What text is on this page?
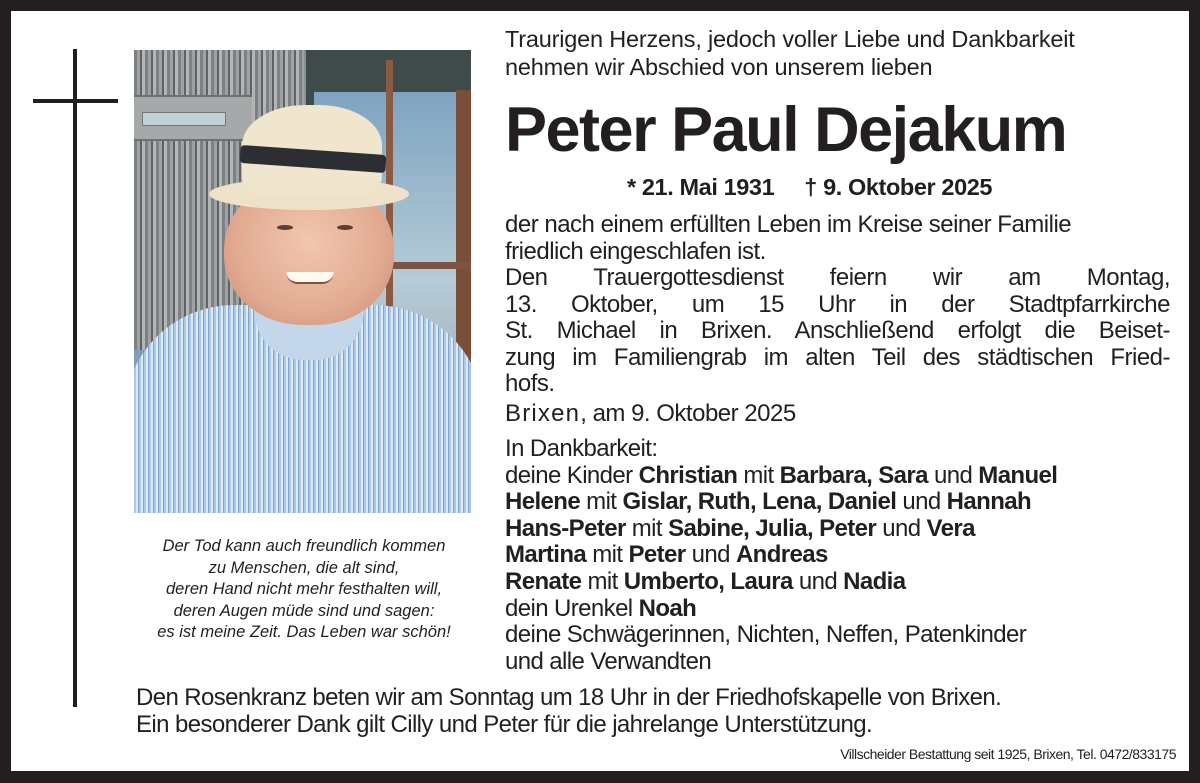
Der Tod kann auch freundlich kommen
zu Menschen, die alt sind,
deren Hand nicht mehr festhalten will,
deren Augen müde sind und sagen:
es ist meine Zeit. Das Leben war schön!
Traurigen Herzens, jedoch voller Liebe und Dankbarkeit
nehmen wir Abschied von unserem lieben
Peter Paul Dejakum
* 21. Mai 1931 † 9. Oktober 2025
der nach einem erfüllten Leben im Kreise seiner Familie
friedlich eingeschlafen ist.
Den Trauergottesdienst feiern wir am Montag,
13. Oktober, um 15 Uhr in der Stadtpfarrkirche
St. Michael in Brixen. Anschließend erfolgt die Beiset-
zung im Familiengrab im alten Teil des städtischen Fried-
hofs.
Brixen, am 9. Oktober 2025
In Dankbarkeit:
deine Kinder Christian mit Barbara, Sara und Manuel
Helene mit Gislar, Ruth, Lena, Daniel und Hannah
Hans-Peter mit Sabine, Julia, Peter und Vera
Martina mit Peter und Andreas
Renate mit Umberto, Laura und Nadia
dein Urenkel Noah
deine Schwägerinnen, Nichten, Neffen, Patenkinder
und alle Verwandten
Den Rosenkranz beten wir am Sonntag um 18 Uhr in der Friedhofskapelle von Brixen.
Ein besonderer Dank gilt Cilly und Peter für die jahrelange Unterstützung.
Villscheider Bestattung seit 1925, Brixen, Tel. 0472/833175
